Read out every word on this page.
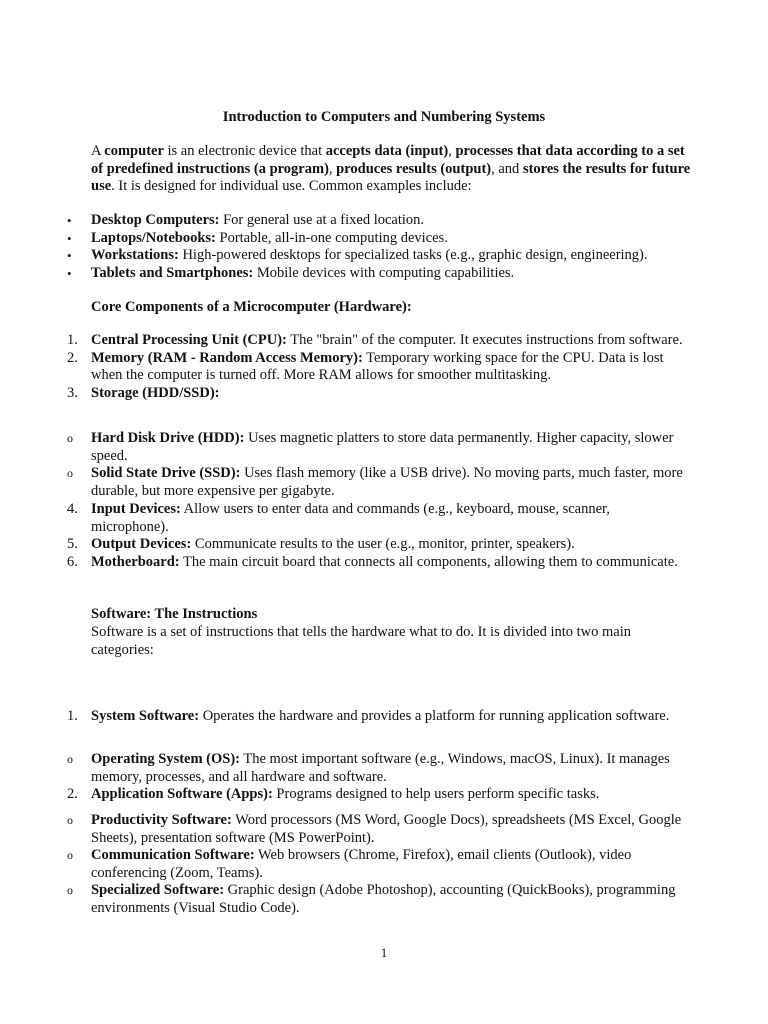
Introduction to Computers and Numbering Systems
A computer is an electronic device that accepts data (input), processes that data according to a set of predefined instructions (a program), produces results (output), and stores the results for future use. It is designed for individual use. Common examples include:
• Desktop Computers: For general use at a fixed location.
• Laptops/Notebooks: Portable, all-in-one computing devices.
• Workstations: High-powered desktops for specialized tasks (e.g., graphic design, engineering).
• Tablets and Smartphones: Mobile devices with computing capabilities.
Core Components of a Microcomputer (Hardware):
1. Central Processing Unit (CPU): The "brain" of the computer. It executes instructions from software.
2. Memory (RAM - Random Access Memory): Temporary working space for the CPU. Data is lost when the computer is turned off. More RAM allows for smoother multitasking.
3. Storage (HDD/SSD):
o Hard Disk Drive (HDD): Uses magnetic platters to store data permanently. Higher capacity, slower speed.
o Solid State Drive (SSD): Uses flash memory (like a USB drive). No moving parts, much faster, more durable, but more expensive per gigabyte.
4. Input Devices: Allow users to enter data and commands (e.g., keyboard, mouse, scanner, microphone).
5. Output Devices: Communicate results to the user (e.g., monitor, printer, speakers).
6. Motherboard: The main circuit board that connects all components, allowing them to communicate.
Software: The Instructions
Software is a set of instructions that tells the hardware what to do. It is divided into two main categories:
1. System Software: Operates the hardware and provides a platform for running application software.
o Operating System (OS): The most important software (e.g., Windows, macOS, Linux). It manages memory, processes, and all hardware and software.
2. Application Software (Apps): Programs designed to help users perform specific tasks.
o Productivity Software: Word processors (MS Word, Google Docs), spreadsheets (MS Excel, Google Sheets), presentation software (MS PowerPoint).
o Communication Software: Web browsers (Chrome, Firefox), email clients (Outlook), video conferencing (Zoom, Teams).
o Specialized Software: Graphic design (Adobe Photoshop), accounting (QuickBooks), programming environments (Visual Studio Code).
1
